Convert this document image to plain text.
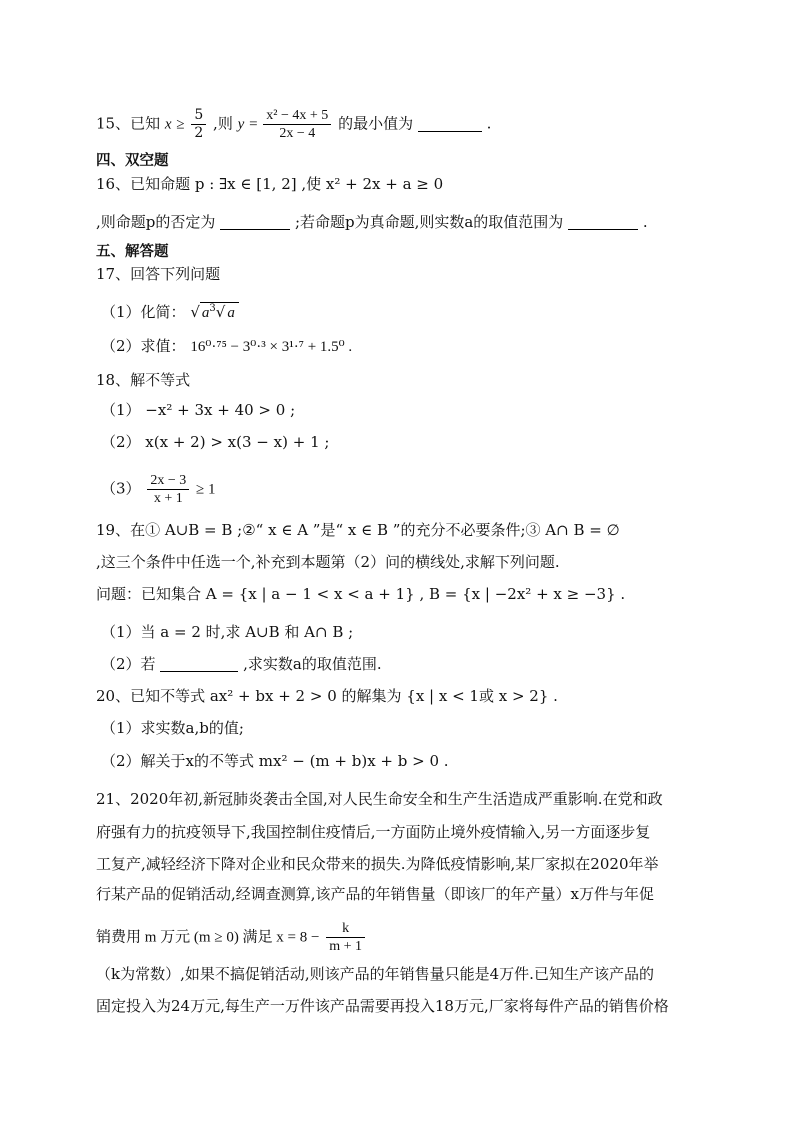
15、已知 $x \ge \frac{5}{2}$ ,则 $y = \frac{\text{x² − 4x + 5}}{2x - 4}$ 的最小值为	.
四、双空题
16、已知命题 p : ∃x ∈ [1, 2] ,使 x² + 2x + a ≥ 0
,则命题p的否定为	;若命题p为真命题,则实数a的取值范围为	.
五、解答题
17、回答下列问题
（1）化简： √ $a^3√$ a
（2）求值： 16⁰·⁷⁵ − 3⁰·³ × 3¹·⁷ + 1.5⁰ .
18、解不等式
（1） −x² + 3x + 40 > 0 ;
（2） x(x + 2) > x(3 − x) + 1 ;
$(3) \frac{2x - 3}{x + 1} \ge 1$
19、在① A∪B = B ;②“ x ∈ A ”是“ x ∈ B ”的充分不必要条件;③ A∩ B = ∅
,这三个条件中任选一个,补充到本题第（2）问的横线处,求解下列问题.
问题：已知集合 A = {x | a − 1 < x < a + 1} , B = {x | −2x² + x ≥ −3} .
（1）当 a = 2 时,求 A∪B 和 A∩ B ;
（2）若	,求实数a的取值范围.
20、已知不等式 ax² + bx + 2 > 0 的解集为 {x | x < 1或 x > 2} .
（1）求实数a,b的值;
（2）解关于x的不等式 mx² − (m + b)x + b > 0 .
21、2020年初,新冠肺炎袭击全国,对人民生命安全和生产生活造成严重影响.在党和政
府强有力的抗疫领导下,我国控制住疫情后,一方面防止境外疫情输入,另一方面逐步复
工复产,减轻经济下降对企业和民众带来的损失.为降低疫情影响,某厂家拟在2020年举
行某产品的促销活动,经调查测算,该产品的年销售量（即该厂的年产量）x万件与年促
销费用 m 万元 (m ≥ 0) 满足 $x = 8 - \frac{k}{m + 1}$
（k为常数）,如果不搞促销活动,则该产品的年销售量只能是4万件.已知生产该产品的
固定投入为24万元,每生产一万件该产品需要再投入18万元,厂家将每件产品的销售价格
